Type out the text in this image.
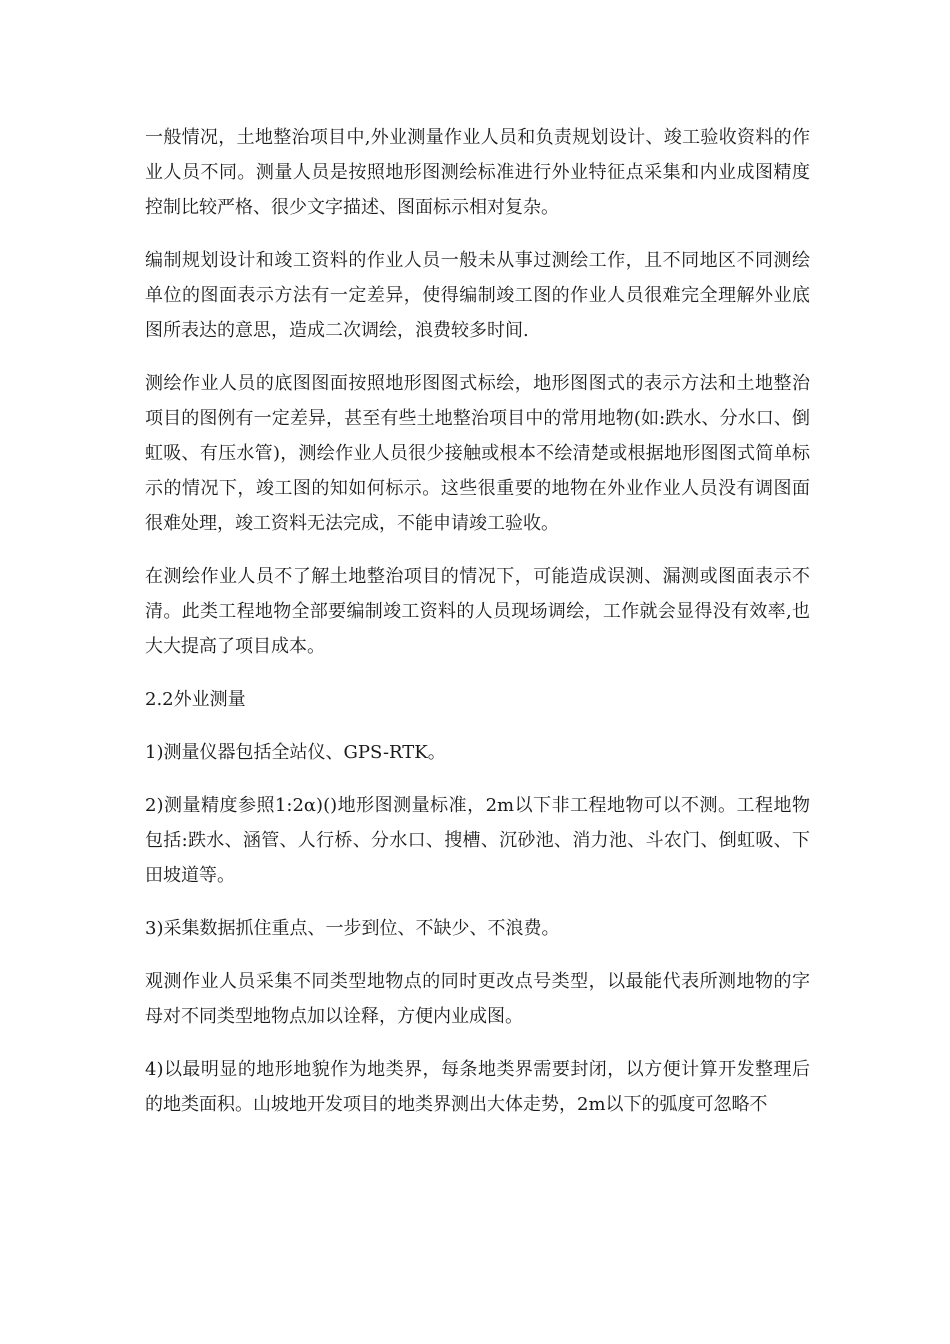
一般情况，土地整治项目中,外业测量作业人员和负责规划设计、竣工验收资料的作业人员不同。测量人员是按照地形图测绘标准进行外业特征点采集和内业成图精度控制比较严格、很少文字描述、图面标示相对复杂。

编制规划设计和竣工资料的作业人员一般未从事过测绘工作，且不同地区不同测绘单位的图面表示方法有一定差异，使得编制竣工图的作业人员很难完全理解外业底图所表达的意思，造成二次调绘，浪费较多时间.

测绘作业人员的底图图面按照地形图图式标绘，地形图图式的表示方法和土地整治项目的图例有一定差异，甚至有些土地整治项目中的常用地物(如:跌水、分水口、倒虹吸、有压水管)，测绘作业人员很少接触或根本不绘清楚或根据地形图图式简单标示的情况下，竣工图的知如何标示。这些很重要的地物在外业作业人员没有调图面很难处理，竣工资料无法完成，不能申请竣工验收。

在测绘作业人员不了解土地整治项目的情况下，可能造成误测、漏测或图面表示不清。此类工程地物全部要编制竣工资料的人员现场调绘，工作就会显得没有效率,也大大提高了项目成本。

2.2外业测量

1)测量仪器包括全站仪、GPS-RTK。

2)测量精度参照1:2α)()地形图测量标准，2m以下非工程地物可以不测。工程地物包括:跌水、涵管、人行桥、分水口、搜槽、沉砂池、消力池、斗农门、倒虹吸、下田坡道等。

3)采集数据抓住重点、一步到位、不缺少、不浪费。

观测作业人员采集不同类型地物点的同时更改点号类型，以最能代表所测地物的字母对不同类型地物点加以诠释，方便内业成图。

4)以最明显的地形地貌作为地类界，每条地类界需要封闭，以方便计算开发整理后的地类面积。山坡地开发项目的地类界测出大体走势，2m以下的弧度可忽略不
